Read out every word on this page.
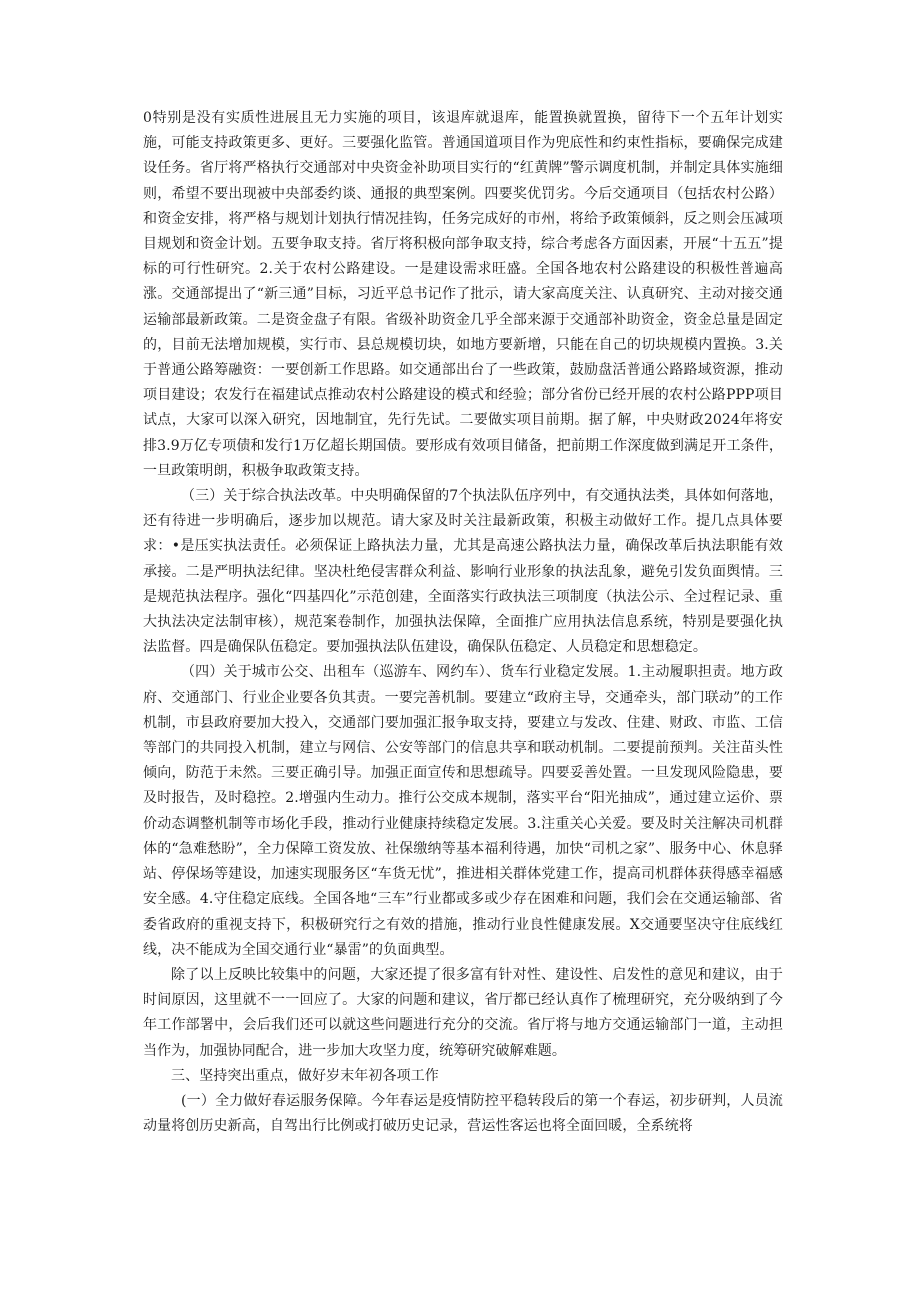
0特别是没有实质性进展且无力实施的项目，该退库就退库，能置换就置换，留待下一个五年计划实施，可能支持政策更多、更好。三要强化监管。普通国道项目作为兜底性和约束性指标，要确保完成建设任务。省厅将严格执行交通部对中央资金补助项目实行的“红黄牌”警示调度机制，并制定具体实施细则，希望不要出现被中央部委约谈、通报的典型案例。四要奖优罚劣。今后交通项目（包括农村公路）和资金安排，将严格与规划计划执行情况挂钩，任务完成好的市州，将给予政策倾斜，反之则会压减项目规划和资金计划。五要争取支持。省厅将积极向部争取支持，综合考虑各方面因素，开展“十五五”提标的可行性研究。2.关于农村公路建设。一是建设需求旺盛。全国各地农村公路建设的积极性普遍高涨。交通部提出了“新三通”目标，习近平总书记作了批示，请大家高度关注、认真研究、主动对接交通运输部最新政策。二是资金盘子有限。省级补助资金几乎全部来源于交通部补助资金，资金总量是固定的，目前无法增加规模，实行市、县总规模切块，如地方要新增，只能在自己的切块规模内置换。3.关于普通公路筹融资：一要创新工作思路。如交通部出台了一些政策，鼓励盘活普通公路路域资源，推动项目建设；农发行在福建试点推动农村公路建设的模式和经验；部分省份已经开展的农村公路PPP项目试点，大家可以深入研究，因地制宜，先行先试。二要做实项目前期。据了解，中央财政2024年将安排3.9万亿专项债和发行1万亿超长期国债。要形成有效项目储备，把前期工作深度做到满足开工条件，一旦政策明朗，积极争取政策支持。

（三）关于综合执法改革。中央明确保留的7个执法队伍序列中，有交通执法类，具体如何落地，还有待进一步明确后，逐步加以规范。请大家及时关注最新政策，积极主动做好工作。提几点具体要求：•是压实执法责任。必须保证上路执法力量，尤其是高速公路执法力量，确保改革后执法职能有效承接。二是严明执法纪律。坚决杜绝侵害群众利益、影响行业形象的执法乱象，避免引发负面舆情。三是规范执法程序。强化“四基四化”示范创建，全面落实行政执法三项制度（执法公示、全过程记录、重大执法决定法制审核），规范案卷制作，加强执法保障，全面推广应用执法信息系统，特别是要强化执法监督。四是确保队伍稳定。要加强执法队伍建设，确保队伍稳定、人员稳定和思想稳定。

（四）关于城市公交、出租车（巡游车、网约车）、货车行业稳定发展。1.主动履职担责。地方政府、交通部门、行业企业要各负其责。一要完善机制。要建立“政府主导，交通牵头，部门联动”的工作机制，市县政府要加大投入，交通部门要加强汇报争取支持，要建立与发改、住建、财政、市监、工信等部门的共同投入机制，建立与网信、公安等部门的信息共享和联动机制。二要提前预判。关注苗头性倾向，防范于未然。三要正确引导。加强正面宣传和思想疏导。四要妥善处置。一旦发现风险隐患，要及时报告，及时稳控。2.增强内生动力。推行公交成本规制，落实平台“阳光抽成”，通过建立运价、票价动态调整机制等市场化手段，推动行业健康持续稳定发展。3.注重关心关爱。要及时关注解决司机群体的“急难愁盼”，全力保障工资发放、社保缴纳等基本福利待遇，加快“司机之家”、服务中心、休息驿站、停保场等建设，加速实现服务区“车货无忧”，推进相关群体党建工作，提高司机群体获得感幸福感安全感。4.守住稳定底线。全国各地“三车”行业都或多或少存在困难和问题，我们会在交通运输部、省委省政府的重视支持下，积极研究行之有效的措施，推动行业良性健康发展。X交通要坚决守住底线红线，决不能成为全国交通行业“暴雷”的负面典型。

除了以上反映比较集中的问题，大家还提了很多富有针对性、建设性、启发性的意见和建议，由于时间原因，这里就不一一回应了。大家的问题和建议，省厅都已经认真作了梳理研究，充分吸纳到了今年工作部署中，会后我们还可以就这些问题进行充分的交流。省厅将与地方交通运输部门一道，主动担当作为，加强协同配合，进一步加大攻坚力度，统筹研究破解难题。

三、坚持突出重点，做好岁末年初各项工作

(一）全力做好春运服务保障。今年春运是疫情防控平稳转段后的第一个春运，初步研判，人员流动量将创历史新高，自驾出行比例或打破历史记录，营运性客运也将全面回暖，全系统将
